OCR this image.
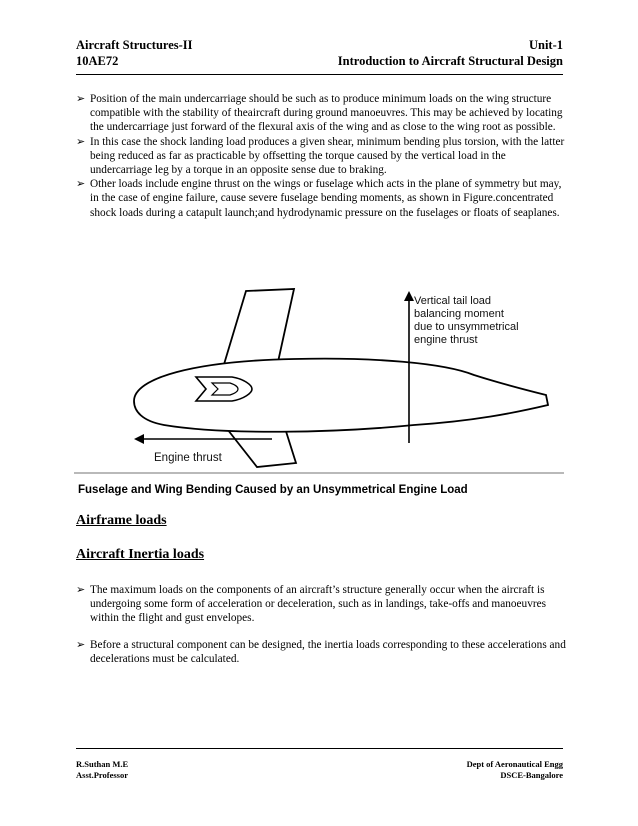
Aircraft Structures-II	Unit-1
10AE72	Introduction to Aircraft Structural Design
➢ Position of the main undercarriage should be such as to produce minimum loads on the wing structure compatible with the stability of theaircraft during ground manoeuvres. This may be achieved by locating the undercarriage just forward of the flexural axis of the wing and as close to the wing root as possible.
➢ In this case the shock landing load produces a given shear, minimum bending plus torsion, with the latter being reduced as far as practicable by offsetting the torque caused by the vertical load in the undercarriage leg by a torque in an opposite sense due to braking.
➢ Other loads include engine thrust on the wings or fuselage which acts in the plane of symmetry but may, in the case of engine failure, cause severe fuselage bending moments, as shown in Figure.concentrated shock loads during a catapult launch;and hydrodynamic pressure on the fuselages or floats of seaplanes.
Vertical tail load
balancing moment
due to unsymmetrical
engine thrust
Engine thrust
Fuselage and Wing Bending Caused by an Unsymmetrical Engine Load
Airframe loads
Aircraft Inertia loads
➢ The maximum loads on the components of an aircraft’s structure generally occur when the aircraft is undergoing some form of acceleration or deceleration, such as in landings, take-offs and manoeuvres within the flight and gust envelopes.
➢ Before a structural component can be designed, the inertia loads corresponding to these accelerations and decelerations must be calculated.
R.Suthan M.E	Dept of Aeronautical Engg
Asst.Professor	DSCE-Bangalore
